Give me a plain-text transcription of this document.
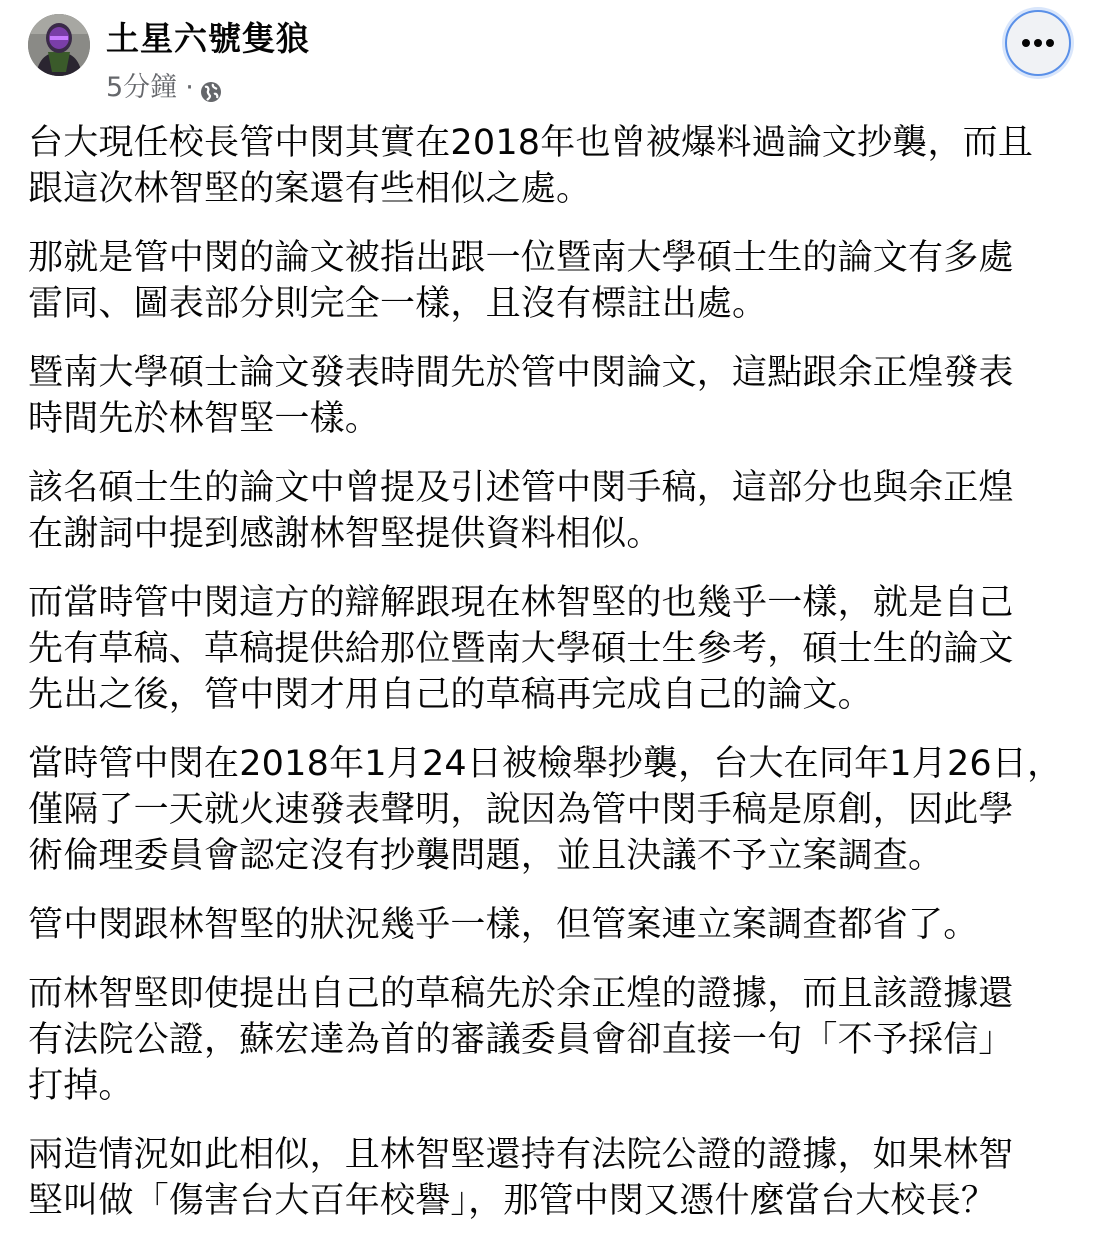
土星六號隻狼
5分鐘 ·
台大現任校長管中閔其實在2018年也曾被爆料過論文抄襲，而且
跟這次林智堅的案還有些相似之處。
那就是管中閔的論文被指出跟一位暨南大學碩士生的論文有多處
雷同、圖表部分則完全一樣，且沒有標註出處。
暨南大學碩士論文發表時間先於管中閔論文，這點跟余正煌發表
時間先於林智堅一樣。
該名碩士生的論文中曾提及引述管中閔手稿，這部分也與余正煌
在謝詞中提到感謝林智堅提供資料相似。
而當時管中閔這方的辯解跟現在林智堅的也幾乎一樣，就是自己
先有草稿、草稿提供給那位暨南大學碩士生參考，碩士生的論文
先出之後，管中閔才用自己的草稿再完成自己的論文。
當時管中閔在2018年1月24日被檢舉抄襲，台大在同年1月26日，
僅隔了一天就火速發表聲明，說因為管中閔手稿是原創，因此學
術倫理委員會認定沒有抄襲問題，並且決議不予立案調查。
管中閔跟林智堅的狀況幾乎一樣，但管案連立案調查都省了。
而林智堅即使提出自己的草稿先於余正煌的證據，而且該證據還
有法院公證，蘇宏達為首的審議委員會卻直接一句「不予採信」
打掉。
兩造情況如此相似，且林智堅還持有法院公證的證據，如果林智
堅叫做「傷害台大百年校譽」，那管中閔又憑什麼當台大校長？
